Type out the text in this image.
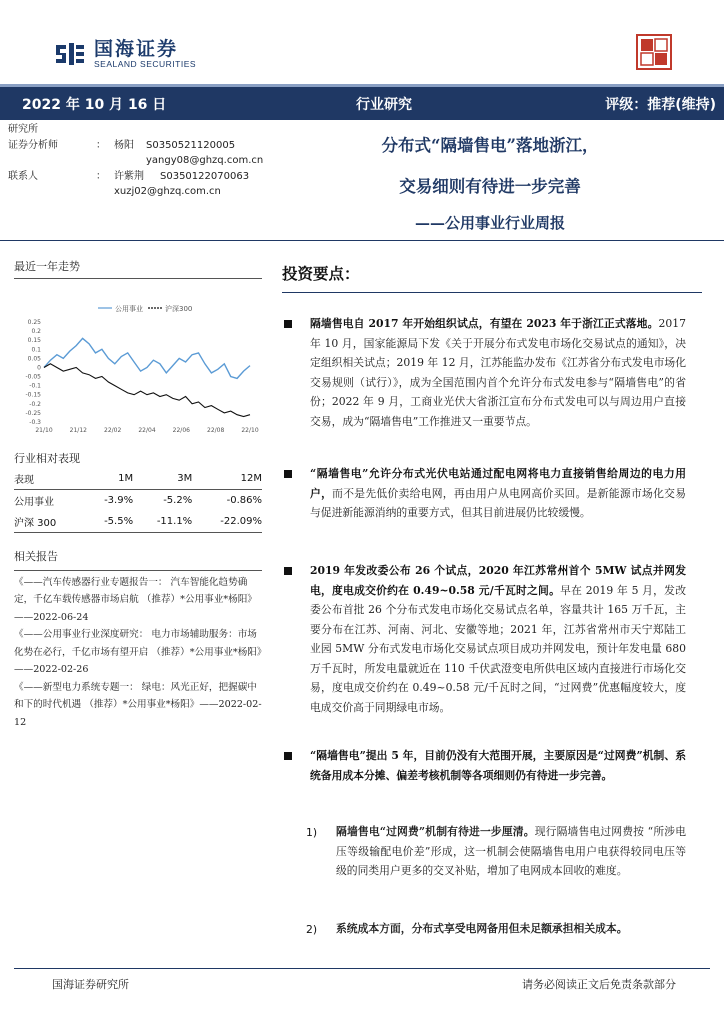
国海证券
SEALAND SECURITIES
2022 年 10 月 16 日	行业研究	评级：推荐(维持)
研究所
证券分析师	： 杨阳	S0350521120005
yangy08@ghzq.com.cn
联系人	： 许紫荆	S0350122070063
xuzj02@ghzq.com.cn
分布式“隔墙售电”落地浙江，
交易细则有待进一步完善
——公用事业行业周报
最近一年走势
公用事业	沪深300
0.25
0.2
0.15
0.1
0.05
0
-0.05
-0.1
-0.15
-0.2
-0.25
-0.3
21/10	21/12	22/02	22/04	22/06	22/08	22/10
行业相对表现
表现	1M	3M	12M
公用事业	-3.9%	-5.2%	-0.86%
沪深 300	-5.5%	-11.1%	-22.09%
相关报告
《——汽车传感器行业专题报告一： 汽车智能化趋势确定，千亿车载传感器市场启航 （推荐）*公用事业*杨阳》——2022-06-24
《——公用事业行业深度研究： 电力市场辅助服务：市场化势在必行，千亿市场有望开启 （推荐）*公用事业*杨阳》——2022-02-26
《——新型电力系统专题一： 绿电：风光正好，把握碳中和下的时代机遇 （推荐）*公用事业*杨阳》——2022-02-12
投资要点：
隔墙售电自 2017 年开始组织试点，有望在 2023 年于浙江正式落地。2017 年 10 月，国家能源局下发《关于开展分布式发电市场化交易试点的通知》，决定组织相关试点；2019 年 12 月，江苏能监办发布《江苏省分布式发电市场化交易规则（试行）》，成为全国范围内首个允许分布式发电参与“隔墙售电”的省份；2022 年 9 月，工商业光伏大省浙江宣布分布式发电可以与周边用户直接交易，成为“隔墙售电”工作推进又一重要节点。
“隔墙售电”允许分布式光伏电站通过配电网将电力直接销售给周边的电力用户，而不是先低价卖给电网，再由用户从电网高价买回。是新能源市场化交易与促进新能源消纳的重要方式，但其目前进展仍比较缓慢。
2019 年发改委公布 26 个试点，2020 年江苏常州首个 5MW 试点并网发电，度电成交价约在 0.49~0.58 元/千瓦时之间。早在 2019 年 5 月，发改委公布首批 26 个分布式发电市场化交易试点名单，容量共计 165 万千瓦，主要分布在江苏、河南、河北、安徽等地；2021 年，江苏省常州市天宁郑陆工业园 5MW 分布式发电市场化交易试点项目成功并网发电，预计年发电量 680 万千瓦时，所发电量就近在 110 千伏武澄变电所供电区域内直接进行市场化交易，度电成交价约在 0.49~0.58 元/千瓦时之间，“过网费”优惠幅度较大，度电成交价高于同期绿电市场。
“隔墙售电”提出 5 年，目前仍没有大范围开展，主要原因是“过网费”机制、系统备用成本分摊、偏差考核机制等各项细则仍有待进一步完善。
1) 隔墙售电“过网费”机制有待进一步厘清。现行隔墙售电过网费按 “所涉电压等级输配电价差”形成，这一机制会使隔墙售电用户电获得较同电压等级的同类用户更多的交叉补贴，增加了电网成本回收的难度。
2) 系统成本方面，分布式享受电网备用但未足额承担相关成本。
国海证券研究所	请务必阅读正文后免责条款部分
